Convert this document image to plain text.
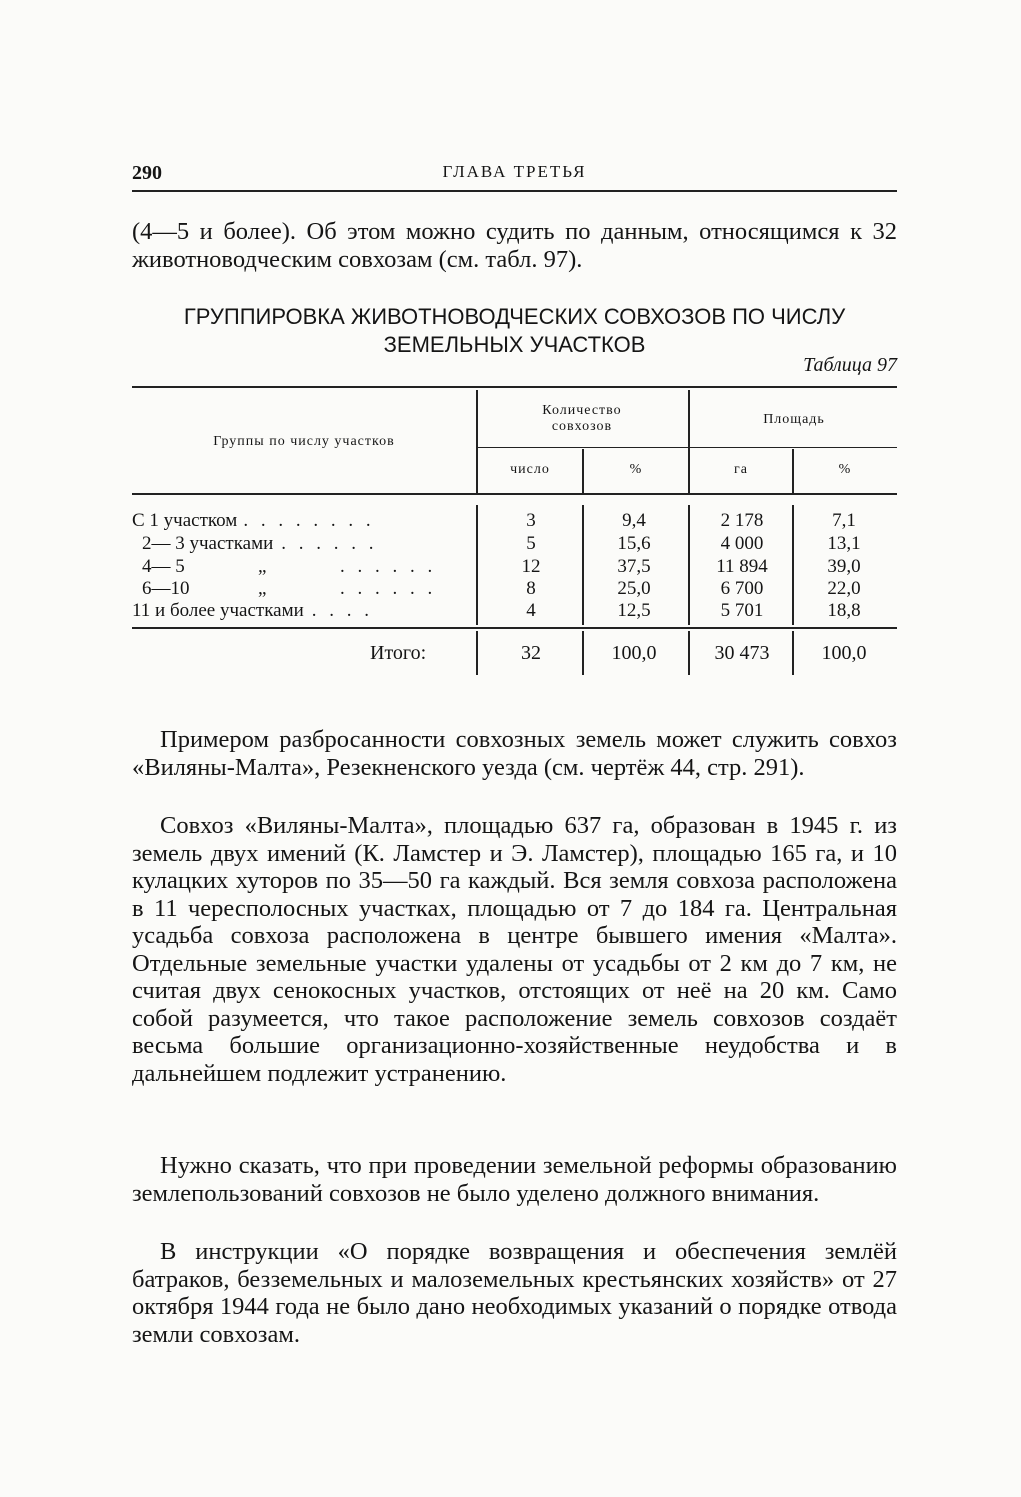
290	ГЛАВА ТРЕТЬЯ
(4—5 и более). Об этом можно судить по данным, относящимся к 32 животноводческим совхозам (см. табл. 97).
ГРУППИРОВКА ЖИВОТНОВОДЧЕСКИХ СОВХОЗОВ ПО ЧИСЛУ
ЗЕМЕЛЬНЫХ УЧАСТКОВ
Таблица 97
Группы по числу участков
Количество совхозов	Площадь
число	%	га	%
С 1 участком . . . . . . . .	3	9,4	2 178	7,1
2— 3 участками . . . . . .	5	15,6	4 000	13,1
4— 5	„	. . . . . .	12	37,5	11 894	39,0
6—10	„	. . . . . .	8	25,0	6 700	22,0
11 и более участками . . . .	4	12,5	5 701	18,8
Итого:	32	100,0	30 473	100,0
Примером разбросанности совхозных земель может служить совхоз «Виляны-Малта», Резекненского уезда (см. чертёж 44, стр. 291).
Совхоз «Виляны-Малта», площадью 637 га, образован в 1945 г. из земель двух имений (К. Ламстер и Э. Ламстер), площадью 165 га, и 10 кулацких хуторов по 35—50 га каждый. Вся земля совхоза расположена в 11 чересполосных участках, площадью от 7 до 184 га. Центральная усадьба совхоза расположена в центре бывшего имения «Малта». Отдельные земельные участки удалены от усадьбы от 2 км до 7 км, не считая двух сенокосных участков, отстоящих от неё на 20 км. Само собой разумеется, что такое расположение земель совхозов создаёт весьма большие организационно-хозяйственные неудобства и в дальнейшем подлежит устранению.
Нужно сказать, что при проведении земельной реформы образованию землепользований совхозов не было уделено должного внимания.
В инструкции «О порядке возвращения и обеспечения землёй батраков, безземельных и малоземельных крестьянских хозяйств» от 27 октября 1944 года не было дано необходимых указаний о порядке отвода земли совхозам.
